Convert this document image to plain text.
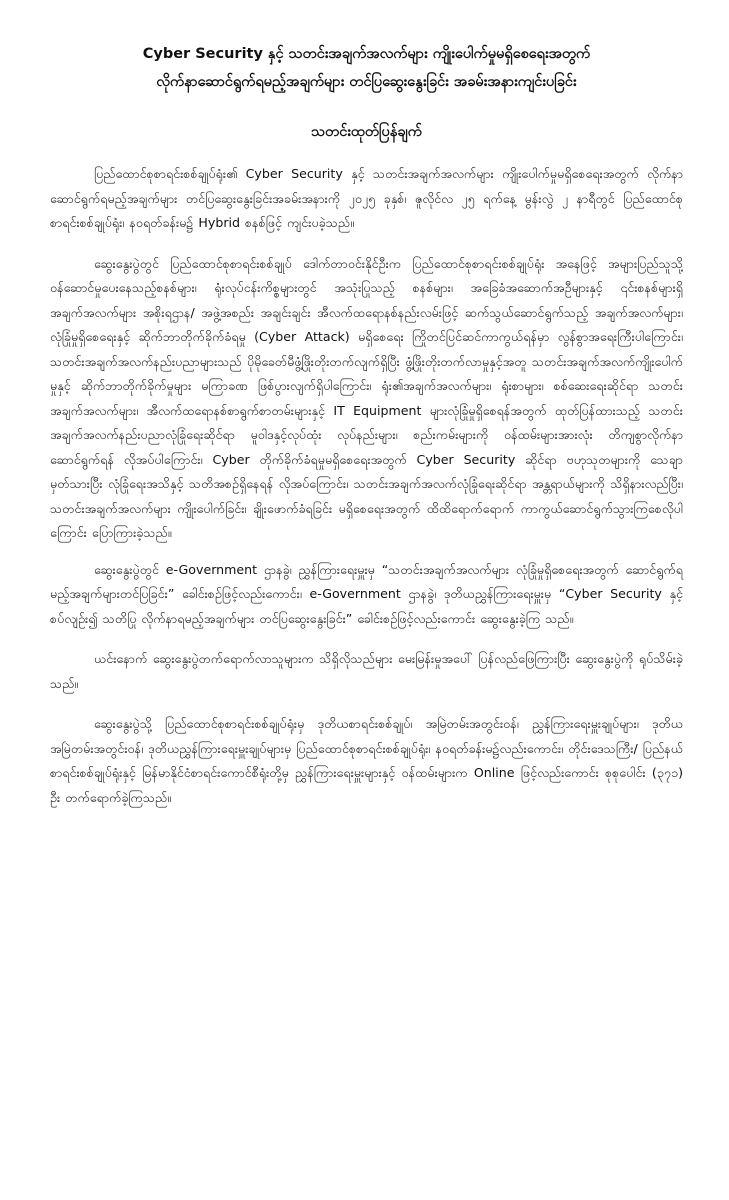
Cyber Security နှင့် သတင်းအချက်အလက်များ ကျိုးပေါက်မှုမရှိစေရေးအတွက်

လိုက်နာဆောင်ရွက်ရမည့်အချက်များ တင်ပြဆွေးနွေးခြင်း အခမ်းအနားကျင်းပခြင်း

သတင်းထုတ်ပြန်ချက်

ပြည်ထောင်စုစာရင်းစစ်ချုပ်ရုံး၏ Cyber Security နှင့် သတင်းအချက်အလက်များ ကျိုးပေါက်မှုမရှိစေရေးအတွက် လိုက်နာဆောင်ရွက်ရမည့်အချက်များ တင်ပြဆွေးနွေးခြင်းအခမ်းအနားကို ၂၀၂၅ ခုနှစ်၊ ဇူလိုင်လ ၂၅ ရက်နေ့ မွန်းလွဲ ၂ နာရီတွင် ပြည်ထောင်စုစာရင်းစစ်ချုပ်ရုံး၊ န၀ရတ်ခန်းမ၌ Hybrid စနစ်ဖြင့် ကျင်းပခဲ့သည်။

ဆွေးနွေးပွဲတွင် ပြည်ထောင်စုစာရင်းစစ်ချုပ် ဒေါက်တာဝင်းနိုင်ဦးက ပြည်ထောင်စုစာရင်းစစ်ချုပ်ရုံး အနေဖြင့် အများပြည်သူသို့ ဝန်ဆောင်မှုပေးနေသည့်စနစ်များ၊ ရုံးလုပ်ငန်းကိစ္စများတွင် အသုံးပြုသည့် စနစ်များ၊ အခြေခံအဆောက်အဦများနှင့် ၎င်းစနစ်များရှိ အချက်အလက်များ အစိုးရဌာန/ အဖွဲ့အစည်း အချင်းချင်း အီလက်ထရောနစ်နည်းလမ်းဖြင့် ဆက်သွယ်ဆောင်ရွက်သည့် အချက်အလက်များ၊ လုံခြုံမှုရှိစေရေးနှင့် ဆိုက်ဘာတိုက်ခိုက်ခံရမှု (Cyber Attack) မရှိစေရေး ကြိုတင်ပြင်ဆင်ကာကွယ်ရန်မှာ လွန်စွာအရေးကြီးပါကြောင်း၊ သတင်းအချက်အလက်နည်းပညာများသည် ပိုမိုခေတ်မီဖွံ့ဖြိုးတိုးတက်လျက်ရှိပြီး ဖွံ့ဖြိုးတိုးတက်လာမှုနှင့်အတူ သတင်းအချက်အလက်ကျိုးပေါက်မှုနှင့် ဆိုက်ဘာတိုက်ခိုက်မှုများ မကြာခဏ ဖြစ်ပွားလျက်ရှိပါကြောင်း၊ ရုံး၏အချက်အလက်များ၊ ရုံးစာများ၊ စစ်ဆေးရေးဆိုင်ရာ သတင်းအချက်အလက်များ၊ အီလက်ထရောနစ်စာရွက်စာတမ်းများနှင့် IT Equipment များလုံခြုံမှုရှိစေရန်အတွက် ထုတ်ပြန်ထားသည့် သတင်းအချက်အလက်နည်းပညာလုံခြုံရေးဆိုင်ရာ မူဝါဒနှင့်လုပ်ထုံး လုပ်နည်းများ၊ စည်းကမ်းများကို ဝန်ထမ်းများအားလုံး တိကျစွာလိုက်နာ ဆောင်ရွက်ရန် လိုအပ်ပါကြောင်း၊ Cyber တိုက်ခိုက်ခံရမှုမရှိစေရေးအတွက် Cyber Security ဆိုင်ရာ ဗဟုသုတများကို သေချာမှတ်သားပြီး လုံခြုံရေးအသိနှင့် သတိအစဉ်ရှိနေရန် လိုအပ်ကြောင်း၊ သတင်းအချက်အလက်လုံခြုံရေးဆိုင်ရာ အန္တရာယ်များကို သိရှိနားလည်ပြီး၊ သတင်းအချက်အလက်များ ကျိုးပေါက်ခြင်း၊ ချိုးဖောက်ခံရခြင်း မရှိစေရေးအတွက် ထိထိရောက်ရောက် ကာကွယ်ဆောင်ရွက်သွားကြစေလိုပါကြောင်း ပြောကြားခဲ့သည်။

ဆွေးနွေးပွဲတွင် e-Government ဌာနခွဲ၊ ညွှန်ကြားရေးမှူးမှ “သတင်းအချက်အလက်များ လုံခြုံမှုရှိစေရေးအတွက် ဆောင်ရွက်ရမည့်အချက်များတင်ပြခြင်း” ခေါင်းစဉ်ဖြင့်လည်းကောင်း၊ e-Government ဌာနခွဲ၊ ဒုတိယညွှန်ကြားရေးမှူးမှ “Cyber Security နှင့်စပ်လျဉ်း၍ သတိပြု လိုက်နာရမည့်အချက်များ တင်ပြဆွေးနွေးခြင်း” ခေါင်းစဉ်ဖြင့်လည်းကောင်း ဆွေးနွေးခဲ့ကြ သည်။

ယင်းနောက် ဆွေးနွေးပွဲတက်ရောက်လာသူများက သိရှိလိုသည်များ မေးမြန်းမှုအပေါ် ပြန်လည်ဖြေကြားပြီး ဆွေးနွေးပွဲကို ရုပ်သိမ်းခဲ့သည်။

ဆွေးနွေးပွဲသို့ ပြည်ထောင်စုစာရင်းစစ်ချုပ်ရုံးမှ ဒုတိယစာရင်းစစ်ချုပ်၊ အမြဲတမ်းအတွင်းဝန်၊ ညွှန်ကြားရေးမှူးချုပ်များ၊ ဒုတိယအမြဲတမ်းအတွင်းဝန်၊ ဒုတိယညွှန်ကြားရေးမှူးချုပ်များမှ ပြည်ထောင်စုစာရင်းစစ်ချုပ်ရုံး၊ န၀ရတ်ခန်းမ၌လည်းကောင်း၊ တိုင်းဒေသကြီး/ ပြည်နယ်စာရင်းစစ်ချုပ်ရုံးနှင့် မြန်မာနိုင်ငံစာရင်းကောင်စီရုံးတို့မှ ညွှန်ကြားရေးမှူးများနှင့် ဝန်ထမ်းများက Online ဖြင့်လည်းကောင်း စုစုပေါင်း (၃၇၁) ဦး တက်ရောက်ခဲ့ကြသည်။
